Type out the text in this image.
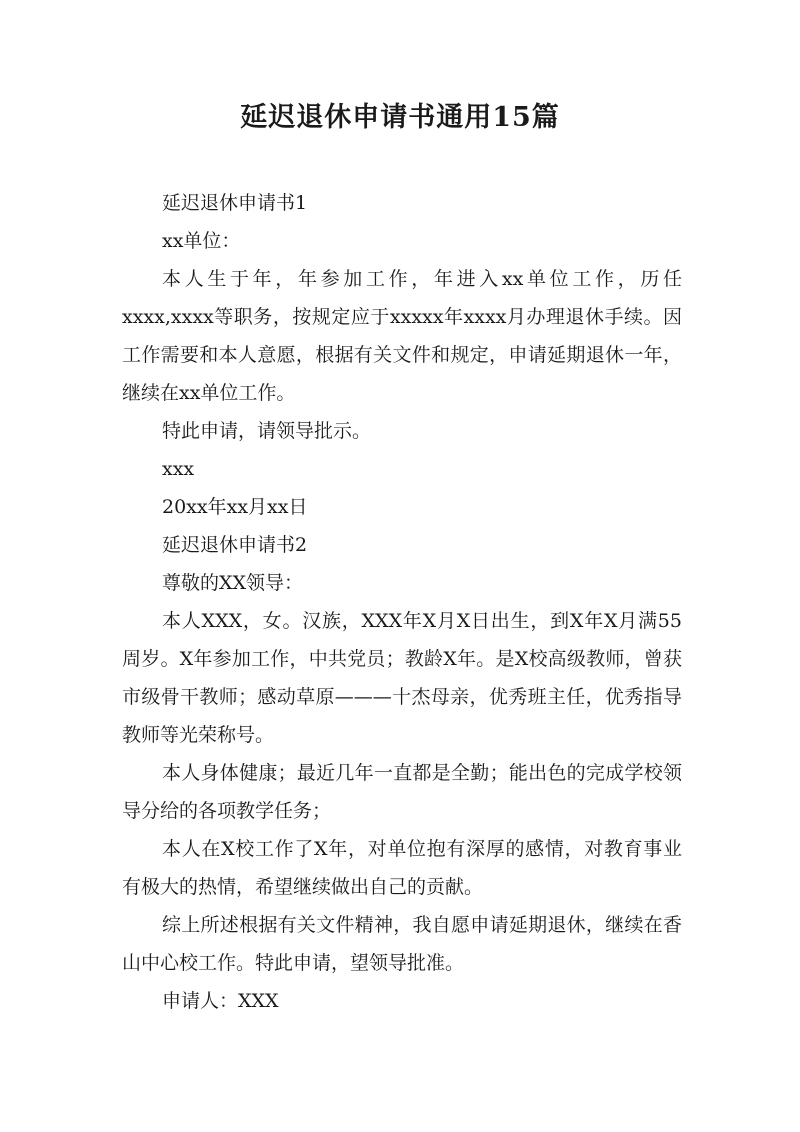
延迟退休申请书通用15篇

延迟退休申请书1

xx单位：

本人生于年，年参加工作，年进入xx单位工作，历任xxxx,xxxx等职务，按规定应于xxxxx年xxxx月办理退休手续。因工作需要和本人意愿，根据有关文件和规定，申请延期退休一年，继续在xx单位工作。

特此申请，请领导批示。

xxx

20xx年xx月xx日

延迟退休申请书2

尊敬的XX领导：

本人XXX，女。汉族，XXX年X月X日出生，到X年X月满55周岁。X年参加工作，中共党员；教龄X年。是X校高级教师，曾获市级骨干教师；感动草原———十杰母亲，优秀班主任，优秀指导教师等光荣称号。

本人身体健康；最近几年一直都是全勤；能出色的完成学校领导分给的各项教学任务；

本人在X校工作了X年，对单位抱有深厚的感情，对教育事业有极大的热情，希望继续做出自己的贡献。

综上所述根据有关文件精神，我自愿申请延期退休，继续在香山中心校工作。特此申请，望领导批准。

申请人：XXX
